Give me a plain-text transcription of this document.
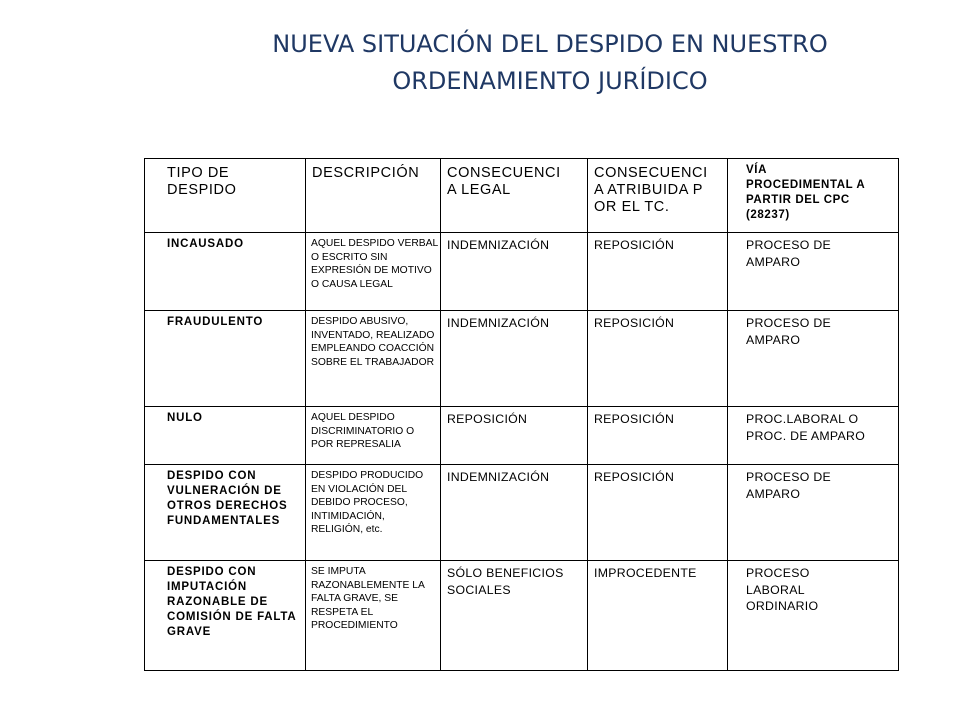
NUEVA SITUACIÓN DEL DESPIDO EN NUESTRO
ORDENAMIENTO JURÍDICO
TIPO DE DESPIDO	DESCRIPCIÓN	CONSECUENCIA LEGAL	CONSECUENCIA ATRIBUIDA POR EL TC.	VÍA PROCEDIMENTAL A PARTIR DEL CPC (28237)

INCAUSADO	AQUEL DESPIDO VERBAL O ESCRITO SIN EXPRESIÓN DE MOTIVO O CAUSA LEGAL	INDEMNIZACIÓN	REPOSICIÓN	PROCESO DE AMPARO

FRAUDULENTO	DESPIDO ABUSIVO, INVENTADO, REALIZADO EMPLEANDO COACCIÓN SOBRE EL TRABAJADOR	INDEMNIZACIÓN	REPOSICIÓN	PROCESO DE AMPARO

NULO	AQUEL DESPIDO DISCRIMINATORIO O POR REPRESALIA	REPOSICIÓN	REPOSICIÓN	PROC.LABORAL O PROC. DE AMPARO

DESPIDO CON VULNERACIÓN DE OTROS DERECHOS FUNDAMENTALES	DESPIDO PRODUCIDO EN VIOLACIÓN DEL DEBIDO PROCESO, INTIMIDACIÓN, RELIGIÓN, etc.	INDEMNIZACIÓN	REPOSICIÓN	PROCESO DE AMPARO

DESPIDO CON IMPUTACIÓN RAZONABLE DE COMISIÓN DE FALTA GRAVE	SE IMPUTA RAZONABLEMENTE LA FALTA GRAVE, SE RESPETA EL PROCEDIMIENTO	SÓLO BENEFICIOS SOCIALES	IMPROCEDENTE	PROCESO LABORAL ORDINARIO
